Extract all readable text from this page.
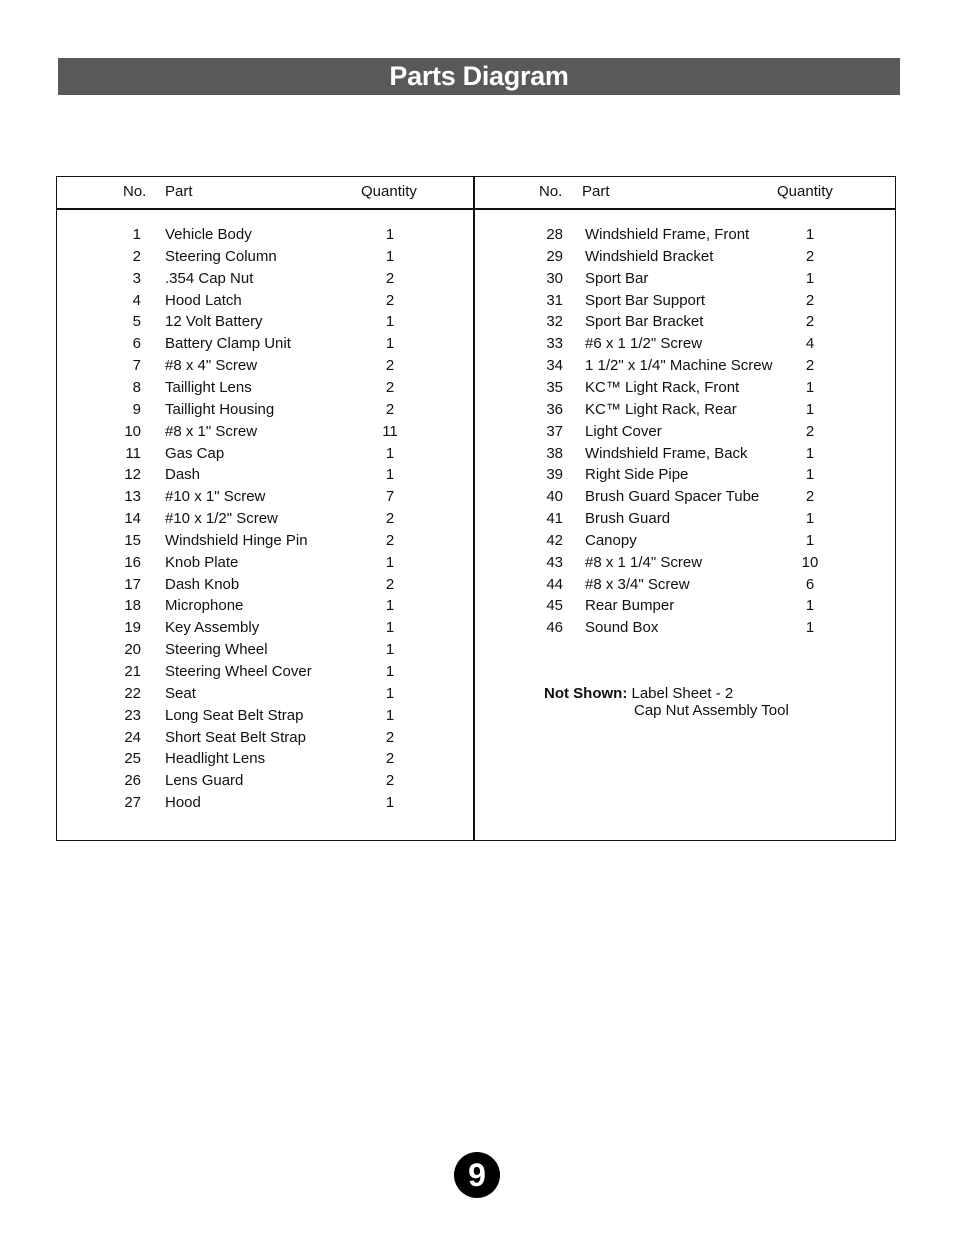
Parts Diagram
No. Part	Quantity	No. Part	Quantity
1 Vehicle Body	1
2 Steering Column	1
3 .354 Cap Nut	2
4 Hood Latch	2
5 12 Volt Battery	1
6 Battery Clamp Unit	1
7 #8 x 4" Screw	2
8 Taillight Lens	2
9 Taillight Housing	2
10 #8 x 1" Screw	11
11 Gas Cap	1
12 Dash	1
13 #10 x 1" Screw	7
14 #10 x 1/2" Screw	2
15 Windshield Hinge Pin	2
16 Knob Plate	1
17 Dash Knob	2
18 Microphone	1
19 Key Assembly	1
20 Steering Wheel	1
21 Steering Wheel Cover	1
22 Seat	1
23 Long Seat Belt Strap	1
24 Short Seat Belt Strap	2
25 Headlight Lens	2
26 Lens Guard	2
27 Hood	1
28 Windshield Frame, Front	1
29 Windshield Bracket	2
30 Sport Bar	1
31 Sport Bar Support	2
32 Sport Bar Bracket	2
33 #6 x 1 1/2" Screw	4
34 1 1/2" x 1/4" Machine Screw	2
35 KC™ Light Rack, Front	1
36 KC™ Light Rack, Rear	1
37 Light Cover	2
38 Windshield Frame, Back	1
39 Right Side Pipe	1
40 Brush Guard Spacer Tube	2
41 Brush Guard	1
42 Canopy	1
43 #8 x 1 1/4" Screw	10
44 #8 x 3/4" Screw	6
45 Rear Bumper	1
46 Sound Box	1
Not Shown: Label Sheet - 2
Cap Nut Assembly Tool
9
